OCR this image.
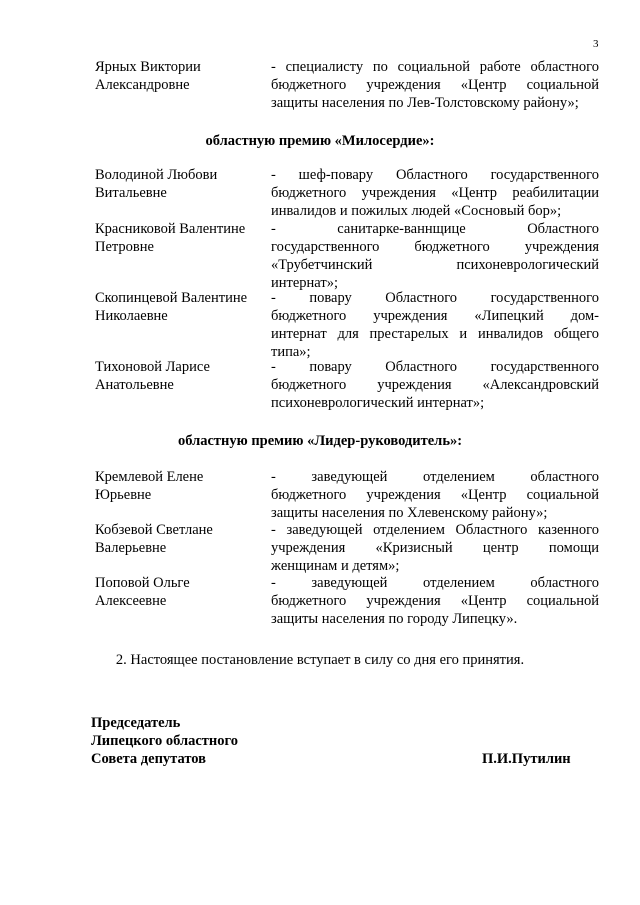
3
Ярных Виктории
Александровне
- специалисту по социальной работе областного
бюджетного учреждения «Центр социальной
защиты населения по Лев-Толстовскому району»;
областную премию «Милосердие»:
Володиной Любови
Витальевне
- шеф-повару Областного государственного
бюджетного учреждения «Центр реабилитации
инвалидов и пожилых людей «Сосновый бор»;
Красниковой Валентине
Петровне
- санитарке-ваннщице Областного
государственного бюджетного учреждения
«Трубетчинский психоневрологический
интернат»;
Скопинцевой Валентине
Николаевне
- повару Областного государственного
бюджетного учреждения «Липецкий дом-
интернат для престарелых и инвалидов общего
типа»;
Тихоновой Ларисе
Анатольевне
- повару Областного государственного
бюджетного учреждения «Александровский
психоневрологический интернат»;
областную премию «Лидер-руководитель»:
Кремлевой Елене
Юрьевне
- заведующей отделением областного
бюджетного учреждения «Центр социальной
защиты населения по Хлевенскому району»;
Кобзевой Светлане
Валерьевне
- заведующей отделением Областного казенного
учреждения «Кризисный центр помощи
женщинам и детям»;
Поповой Ольге
Алексеевне
- заведующей отделением областного
бюджетного учреждения «Центр социальной
защиты населения по городу Липецку».
2. Настоящее постановление вступает в силу со дня его принятия.
Председатель
Липецкого областного
Совета депутатов	П.И.Путилин
